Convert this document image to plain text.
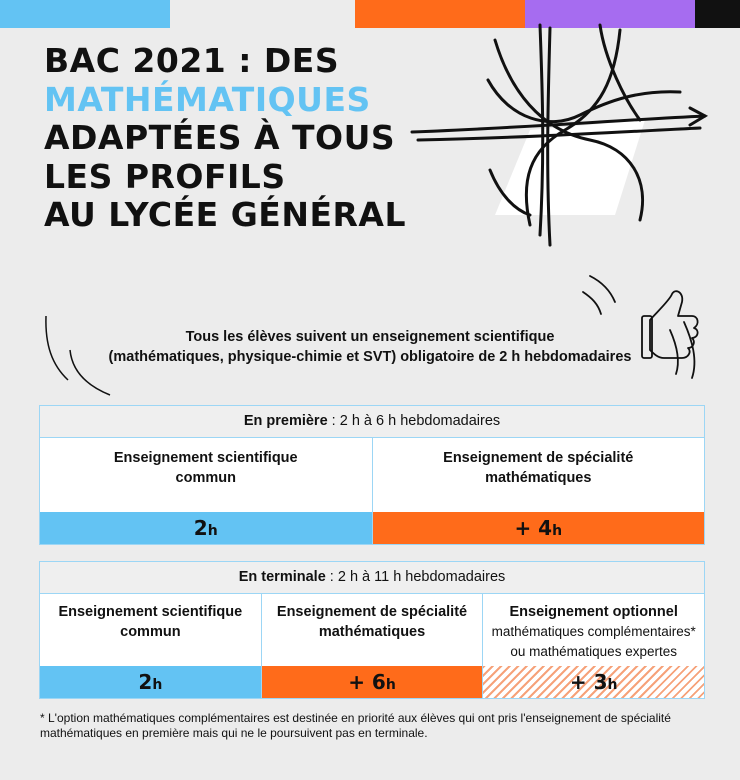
BAC 2021 : DES
MATHÉMATIQUES
ADAPTÉES À TOUS
LES PROFILS
AU LYCÉE GÉNÉRAL
Tous les élèves suivent un enseignement scientifique
(mathématiques, physique-chimie et SVT) obligatoire de 2 h hebdomadaires
En première : 2 h à 6 h hebdomadaires
Enseignement scientifique
commun
2h
Enseignement de spécialité
mathématiques
+ 4h
En terminale : 2 h à 11 h hebdomadaires
Enseignement scientifique
commun
2h
Enseignement de spécialité
mathématiques
+ 6h
Enseignement optionnel
mathématiques complémentaires*
ou mathématiques expertes
+ 3h
* L'option mathématiques complémentaires est destinée en priorité aux élèves qui ont pris l'enseignement de spécialité
mathématiques en première mais qui ne le poursuivent pas en terminale.
